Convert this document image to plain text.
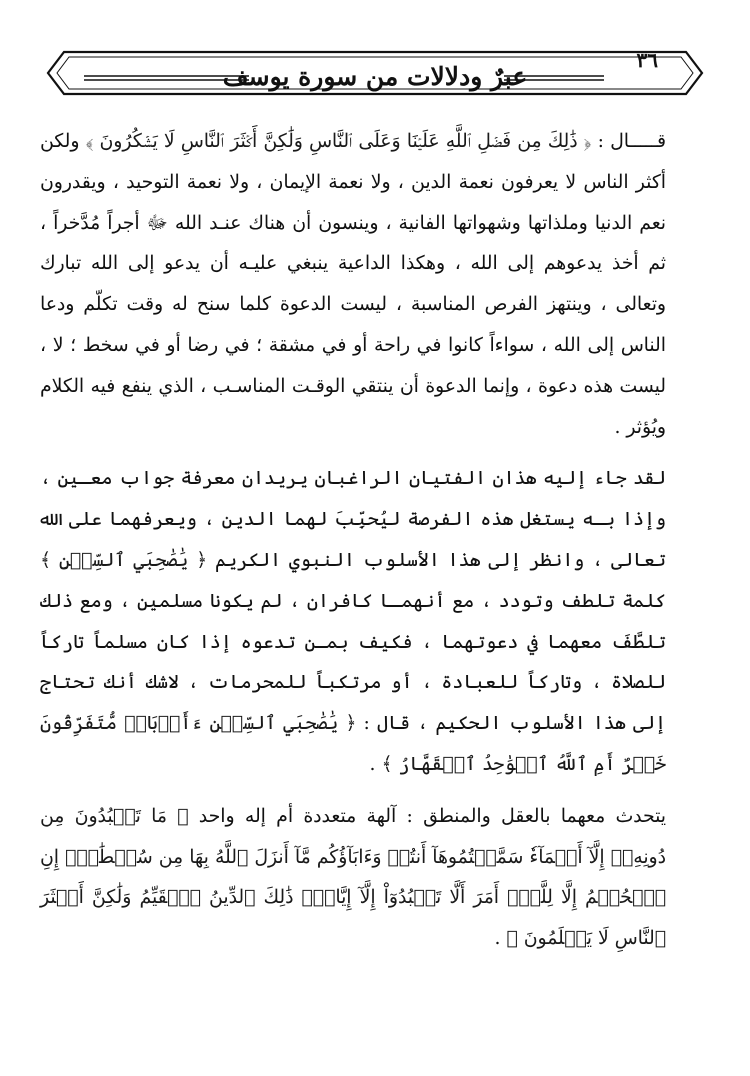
٣٦
عبرٌ ودلالات من سورة يوسف

قـــــال : ﴿ ذَٰلِكَ مِن فَضۡلِ ٱللَّهِ عَلَيۡنَا وَعَلَى ٱلنَّاسِ وَلَٰكِنَّ أَكۡثَرَ ٱلنَّاسِ لَا يَشۡكُرُونَ ﴾ ولكن أكثر الناس لا يعرفون نعمة الدين ، ولا نعمة الإيمان ، ولا نعمة التوحيد ، ويقدرون نعم الدنيا وملذاتها وشهواتها الفانية ، وينسون أن هناك عنـد الله ﷻ أجراً مُدَّخراً ، ثم أخذ يدعوهم إلى الله ، وهكذا الداعية ينبغي عليـه أن يدعو إلى الله تبارك وتعالى ، وينتهز الفرص المناسبة ، ليست الدعوة كلما سنح له وقت تكلّم ودعا الناس إلى الله ، سواءاً كانوا في راحة أو في مشقة ؛ في رضا أو في سخط ؛ لا ، ليست هذه دعوة ، وإنما الدعوة أن ينتقي الوقـت المناسـب ، الذي ينفع فيه الكلام ويُؤثر .

لقد جاء إليه هذان الفتيان الراغبان يريدان معرفة جواب معـين ، وإذا بـه يستغل هذه الفرصة ليُحبِّبَ لهما الدين ، ويعرفهما على الله تعالى ، وانظر إلى هذا الأسلوب النبوي الكريم ﴿ يَٰصَٰحِبَيِ ٱلسِّجۡنِ ﴾ كلمة تلطف وتودد ، مع أنهمـا كافران ، لم يكونا مسلمين ، ومع ذلك تلطَّفَ معهما في دعوتهما ، فكيف بمـن تدعوه إذا كان مسلماً تاركاً للصلاة ، وتاركاً للعبادة ، أو مرتكباً للمحرمات ، لاشك أنك تحتاج إلى هذا الأسلوب الحكيم ، قال : ﴿ يَٰصَٰحِبَيِ ٱلسِّجۡنِ ءَأَرۡبَابٞ مُّتَفَرِّقُونَ خَيۡرٌ أَمِ ٱللَّهُ ٱلۡوَٰحِدُ ٱلۡقَهَّارُ ﴾ .

يتحدث معهما بالعقل والمنطق : آلهة متعددة أم إله واحد ﴿ مَا تَعۡبُدُونَ مِن دُونِهِۦٓ إِلَّآ أَسۡمَآءٗ سَمَّيۡتُمُوهَآ أَنتُمۡ وَءَابَآؤُكُم مَّآ أَنزَلَ ٱللَّهُ بِهَا مِن سُلۡطَٰنٍۚ إِنِ ٱلۡحُكۡمُ إِلَّا لِلَّهِۚ أَمَرَ أَلَّا تَعۡبُدُوٓاْ إِلَّآ إِيَّاهُۚ ذَٰلِكَ ٱلدِّينُ ٱلۡقَيِّمُ وَلَٰكِنَّ أَكۡثَرَ ٱلنَّاسِ لَا يَعۡلَمُونَ ﴾ .
